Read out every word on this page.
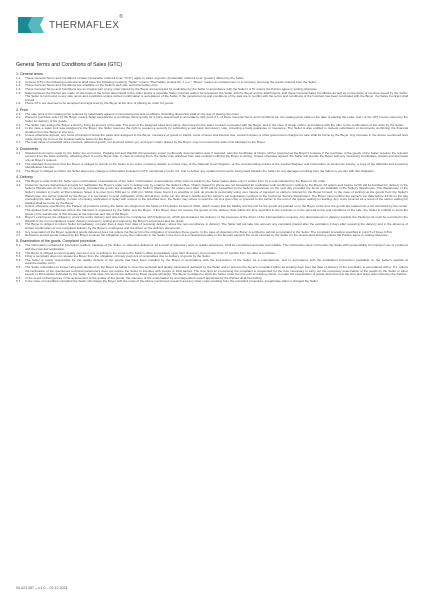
THERMAFLEX
®
General Terms and Conditions of Sales (GTC)
1. General terms
1.1.	These General Terms and Conditions of Sale (hereinafter referred to as "GTC") apply to sales of goods, (hereinafter referred to as "goods") offered by the Seller.
1.2.	In these GTC's the following expressions shall have the following meaning: "Seller" means "Thermaflex Izolacji Sp. z o.o."; "Buyer" means an entrepreneur or a company receiving the goods ordered from the Seller.
1.3.	These General Terms and Conditions are available on the Seller's web site: www.thermaflex.com.
1.4.	These General Terms and Conditions are an integral part of any order placed by the Buyer and accepted for realization by the Seller in accordance with the Seller's GTC unless the Parties agree in writing otherwise.
1.5.	Sales between the Parties are made on the basis of the terms determined in the order and/or a separate Sales Contract and/or GLA between the Seller and the Buyer and its attachments, and these General Sales Conditions as well as on the basis of invoices issued by the Seller. The Seller is not bound to any sale terms and conditions unless written confirmation is acceptance of the Seller. If the general terms and conditions of the sale are in conflict with the terms and conditions of the Contract has been concluded with the Buyer, the Sales Contract shall prevail.
1.6.	These GTC are deemed to be accepted and approved by the Buyer at the time of placing an order for goods.
2. Price
2.1.	The sale price is the catalog price reduced by individually agreed commercial terms and conditions (including discounts) valid on the day of placing the order.
2.2.	Placed a purchase order by the Buyer means Seller acceptance to purchase these goods for a price determined in accordance with point 2.1. of these General Terms and Conditions (ie. the catalog price valid on the date of placing the order, and / or the VAT invoice issued by the Seller for delivery of the goods.
2.3.	The Seller may assign the Buyer a limit by fixing its amount of the sale. The level of the assigned sales limit will be determined in the sales contract concluded with the Buyer, and in the case of single orders, accordance with the offer or the confirmation of the order by the Seller.
2.4.	In the case a sales limit was assigned to the Buyer, the Seller reserves the right to request a security by submitting a real bank promissory note, providing a bank guarantee or insurance. The Seller is also entitled to request submission of documents confirming the financial situation from the Buyer at any time.
2.5.	Unless otherwise agreed, any costs of transport below the sales limit assigned to the Buyer, insurance of goods in transit, costs of taxes and interest due, customs duties or other government charges for sale shall be borne by the Buyer. Any increase in the above mentioned fees made during the term of the Contract will be borne by the Buyer.
2.7.	The total value of unsettled sales invoices, delivered goods, not invoiced orders yet, and open orders placed by the Buyer, may not exceed the sales limit allocated to the Buyer.
3. Documents
3.1.	Standard documents made by the Seller are an Invoice, Packing List and Waybill. All necessary export (outbound) documentation and, if required, also the Certificate of Origin, will be prepared at the Buyer's request. If the purchase of the goods of the Seller requires the relevant consent from the state authority, obtaining them is on the Buyer side. In case of missing them, the Seller may withdraw from sale contract notifying the Buyer in writing. Unless otherwise agreed, the Seller will provide the Buyer with any necessary Certificates, Attests and Approvals only at Buyer's request.
3.2.	The standard documents that the Buyer is obliged to submit to the Seller is an order, company details, a current copy of the National Court Register, or the corresponding extract of the Central Register and Information on Economic Activity, a copy of the REGON and Company Identification Number.
3.3.	The Buyer is obliged to inform the Seller about any change in information included in GTC mentioned in point 3.2. and to deliver any updated documents, being back towards the Seller for any damages resulting from the failure to comply with this obligation.
4. Delivery
4.1.	The Buyer's order binds the Seller upon confirmation of acceptance of the order. Confirmation of acceptance of the order is made by the Seller (takes place only in written form by e-mail indicated by the Buyer in the order.
4.2.	Customer Service Department accepts for realization the Buyer's order sent in writing only by email to the Seller's office. Orders placed by phone are not forwarded for realization until confirmed in writing by the Buyer. All orders sent before 12:00 will be handled for delivery in the Seller's Warehouse on the day of receiving, provided the goods are available at the Seller's Warehouse. All orders sent after 12:00 will be forwarded to the Seller's warehouse on the next day provided the items are available in the Seller's Warehouse. The Warehouse of the Seller's location in Cedry at Pomorskiego Street 4 is open from 8:00 am to 4:00 pm. Within these hours it is possible to pick up products personally using own means of transport or carriers ordered by the Buyer himself. In the case of picking up the goods from the Seller's Warehouse, the carrier ordered by the Buyer, it is necessary to send notification of the arrival time of the car, the driver's details and the carrier's car registration numbers to the Customer Service Department. The Buyer must confirm the carrier's car data before 13:00 on the day preceding the date of loading. In case of missing notification or delay with respect to the specified time, the Seller may refuse to load the car at a given day or proceed to the carrier to the end of the queue waiting for loading. Any costs incurred as a result of the carrier waiting for loading shall be borne by the Buyer.
4.3.	Unless otherwise specified by the Parties, all products sold by the Seller are shipped on the basis of FCA Zeline Incoterms 2010, which means that the liability and the risk for the goods are passed on to the Buyer at the time the goods are loaded into a car submitted by the carrier. The applied both to deliveries where the transport is organized by the Seller and the Buyer. If the Buyer does not receive the goods on the delivery date within the time specified in the Contract or in the general terms and conditions of the sale, the Seller is entitled to store the goods in the warehouse of this choose at the expense and risk of the Buyer.
4.4.	Buyer's employees are obliged to count the entire delivery and determine its compliance with Packing List, which accompanies the delivery, in the presence of the driver of the transportation company. Any discrepancies in delivery towards the Packing List must be recorded in the Waybill or the non-compliance report delivery protocol in writing and signed by the Buyer's employees and the driver.
4.5.	The Buyer is obliged to inform Seller immediately, not later than 2 days from date of receiving delivery, about the non-compliance in delivery. The Seller will not take into account any complaint placed after the expiration 2 days after receiving the delivery and in the absence of written confirmation of non-compliant delivery by the Buyer's employees and the driver on the delivery documents.
4.6.	Any reservation of the Buyer regarding goods delivered does not relieve the Buyer from the obligation of reception these goods. In the case of objections the Buyer is entitled to submit a complaint to the Seller. The complaint procedure specified in point 5 of these GTCs.
4.7.	Refusal to accept goods ordered by the Buyer involves the obligation to pay the indemnity to the Seller in the form of a contractual penalty in the amount equal to the costs incurred by the Seller for the unaccepted delivery unless the Parties agree in writing otherwise.
5. Examination of the goods. Complaint procedure
5.1.	The information contained in brochures, leaflets, catalogs of the Seller, or otherwise delivered, as a result of laboratory tests or quality assurance, shall be considered accurate and reliable. This information does not burden the Seller with responsibility for improper use or problems with the intended application.
5.2.	The Buyer is obliged to report quality concerns only in writing to the email to the Seller's office immediately upon their discovery, but not later than 12 months from the date of purchase.
5.3.	Filing a complaint does not release the Buyer from the obligation of timely payment of receivables due to delivery of goods by the Seller.
5.4.	The Seller is solely responsible for the quality defects of the goods that have been installed by the Buyer in accordance with the instructions of the Seller, as a manufacturer, and in accordance with the installation instructions (available on the Seller's website at www.thermaflex.com).
5.5.	The Seller undertakes to inspect all goods declared by the Buyer as failing to meet the technical and quality parameters declared by the Seller and to process the buyer's complaint within 10 working days from the date of delivery of the complaint, in accordance with p. 5.2, unless the verification of the questioned technical parameters does not require the Seller to interfere with people or third parties. The time limit for processing the complaint is suspended for the time necessary to carry out the necessary examination of the goods by the Seller or other people or third parties indicated by the Seller. In that case, the terms are defined by these people will apply. The Buyer is obliged to allow the Seller, order from its own or training clients, to make the examination of goods assortment at the time and place determined by the Parties.
5.6.	In the event of divergences in the assessment of the quality of the goods, the outcome of the examination by an independent expert appointed by the Parties shall be binding.
5.7.	In the case of unjustified complaint the Seller will charge the Buyer with the costs of the above mentioned research and any other costs resulting from the complaint procedure. A legitimate claim is charged the Seller.
00.023.387 – v.1.0 – 02.12.2024
